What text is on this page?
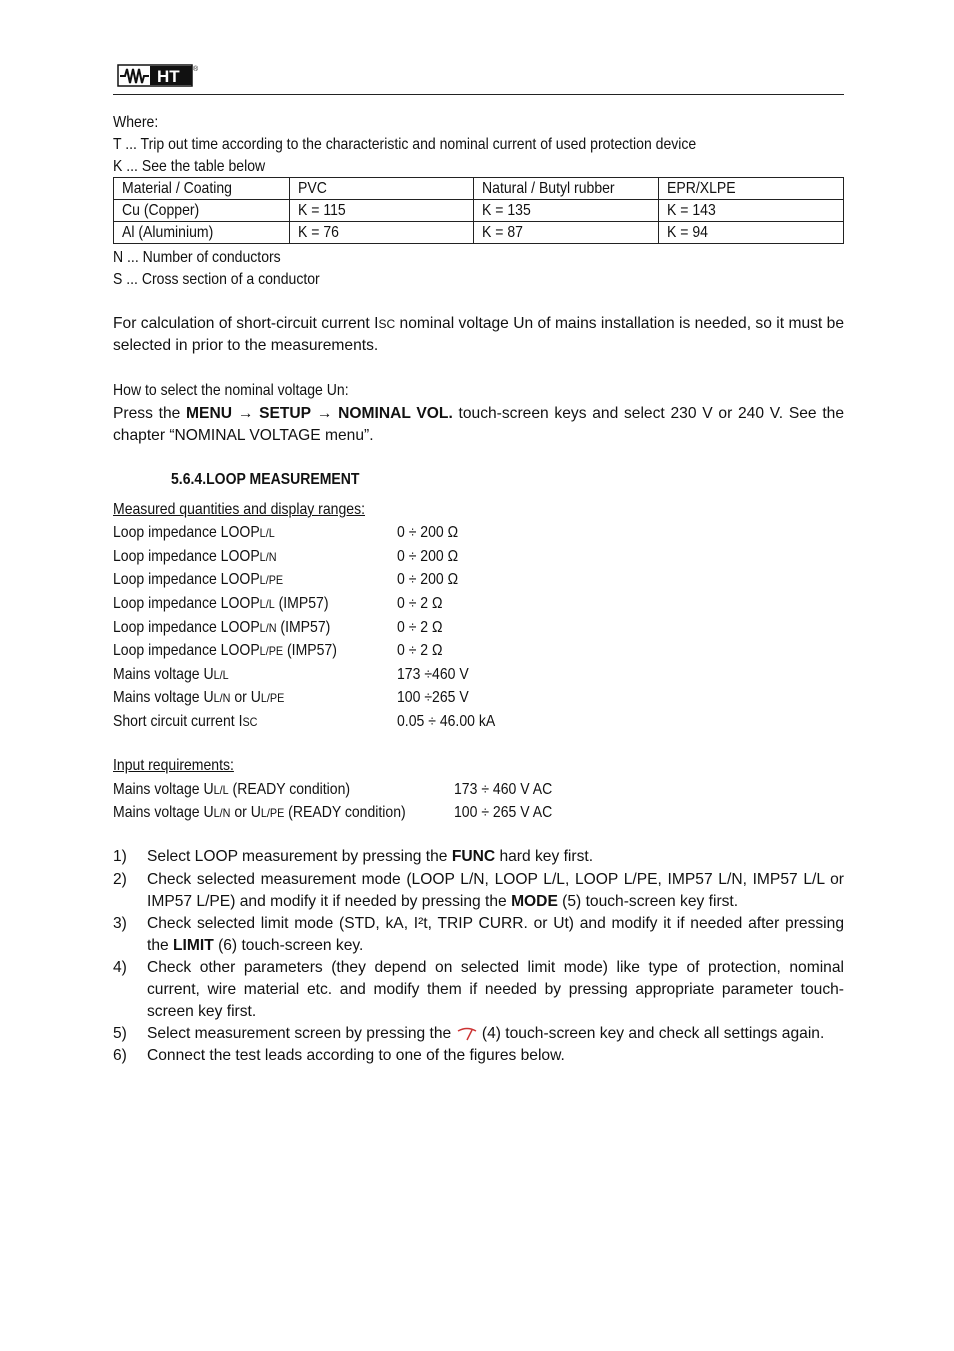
HT ®
Where:
T ... Trip out time according to the characteristic and nominal current of used protection device
K ... See the table below
Material / Coating	PVC	Natural / Butyl rubber	EPR/XLPE
Cu (Copper)	K = 115	K = 135	K = 143
Al (Aluminium)	K = 76	K = 87	K = 94
N ... Number of conductors
S ... Cross section of a conductor
For calculation of short-circuit current ISC nominal voltage Un of mains installation is needed, so it must be selected in prior to the measurements.
How to select the nominal voltage Un:
Press the MENU → SETUP → NOMINAL VOL. touch-screen keys and select 230 V or 240 V. See the chapter “NOMINAL VOLTAGE menu”.
5.6.4.LOOP MEASUREMENT
Measured quantities and display ranges:
Loop impedance LOOPL/L	0 ÷ 200 Ω
Loop impedance LOOPL/N	0 ÷ 200 Ω
Loop impedance LOOPL/PE	0 ÷ 200 Ω
Loop impedance LOOPL/L (IMP57)	0 ÷ 2 Ω
Loop impedance LOOPL/N (IMP57)	0 ÷ 2 Ω
Loop impedance LOOPL/PE (IMP57)	0 ÷ 2 Ω
Mains voltage UL/L	173 ÷460 V
Mains voltage UL/N or UL/PE	100 ÷265 V
Short circuit current ISC	0.05 ÷ 46.00 kA
Input requirements:
Mains voltage UL/L (READY condition)	173 ÷ 460 V AC
Mains voltage UL/N or UL/PE (READY condition)	100 ÷ 265 V AC
1)	Select LOOP measurement by pressing the FUNC hard key first.
2)	Check selected measurement mode (LOOP L/N, LOOP L/L, LOOP L/PE, IMP57 L/N, IMP57 L/L or IMP57 L/PE) and modify it if needed by pressing the MODE (5) touch-screen key first.
3)	Check selected limit mode (STD, kA, I²t, TRIP CURR. or Ut) and modify it if needed after pressing the LIMIT (6) touch-screen key.
4)	Check other parameters (they depend on selected limit mode) like type of protection, nominal current, wire material etc. and modify them if needed by pressing appropriate parameter touch-screen key first.
5)	Select measurement screen by pressing the  (4) touch-screen key and check all settings again.
6)	Connect the test leads according to one of the figures below.
